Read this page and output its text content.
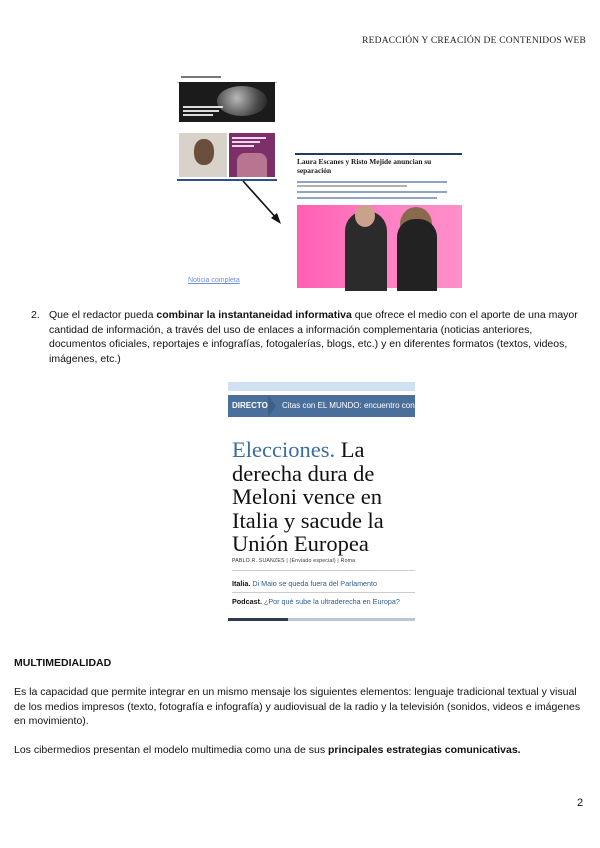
REDACCIÓN Y CREACIÓN DE CONTENIDOS WEB
Laura Escanes y Risto Mejide anuncian su separación
Noticia completa
2. Que el redactor pueda combinar la instantaneidad informativa que ofrece el medio con el aporte de una mayor cantidad de información, a través del uso de enlaces a información complementaria (noticias anteriores, documentos oficiales, reportajes e infografías, fotogalerías, blogs, etc.) y en diferentes formatos (textos, videos, imágenes, etc.)
DIRECTO Citas con EL MUNDO: encuentro con Isab
Elecciones. La derecha dura de Meloni vence en Italia y sacude la Unión Europea
PABLO R. SUANZES | (Enviado especial) | Roma
Italia. Di Maio se queda fuera del Parlamento
Podcast. ¿Por qué sube la ultraderecha en Europa?
MULTIMEDIALIDAD
Es la capacidad que permite integrar en un mismo mensaje los siguientes elementos: lenguaje tradicional textual y visual de los medios impresos (texto, fotografía e infografía) y audiovisual de la radio y la televisión (sonidos, videos e imágenes en movimiento).
Los cibermedios presentan el modelo multimedia como una de sus principales estrategias comunicativas.
2
